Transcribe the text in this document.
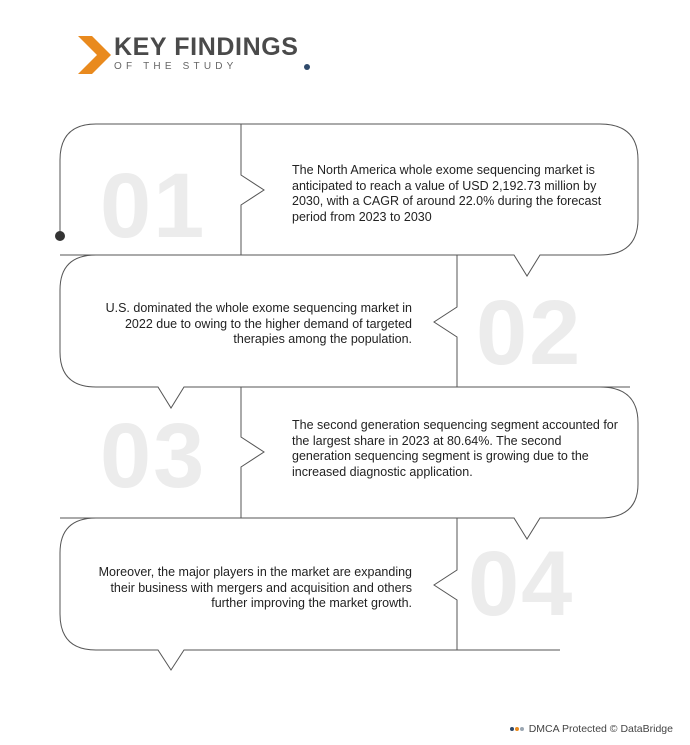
KEY FINDINGS
OF THE STUDY
01
02
03
04
The North America whole exome sequencing market is anticipated to reach a value of USD 2,192.73 million by 2030, with a CAGR of around 22.0% during the forecast period from 2023 to 2030
U.S. dominated the whole exome sequencing market in 2022 due to owing to the higher demand of targeted therapies among the population.
The second generation sequencing segment accounted for the largest share in 2023 at 80.64%. The second generation sequencing segment is growing due to the increased diagnostic application.
Moreover, the major players in the market are expanding their business with mergers and acquisition and others further improving the market growth.
DMCA Protected © DataBridge
